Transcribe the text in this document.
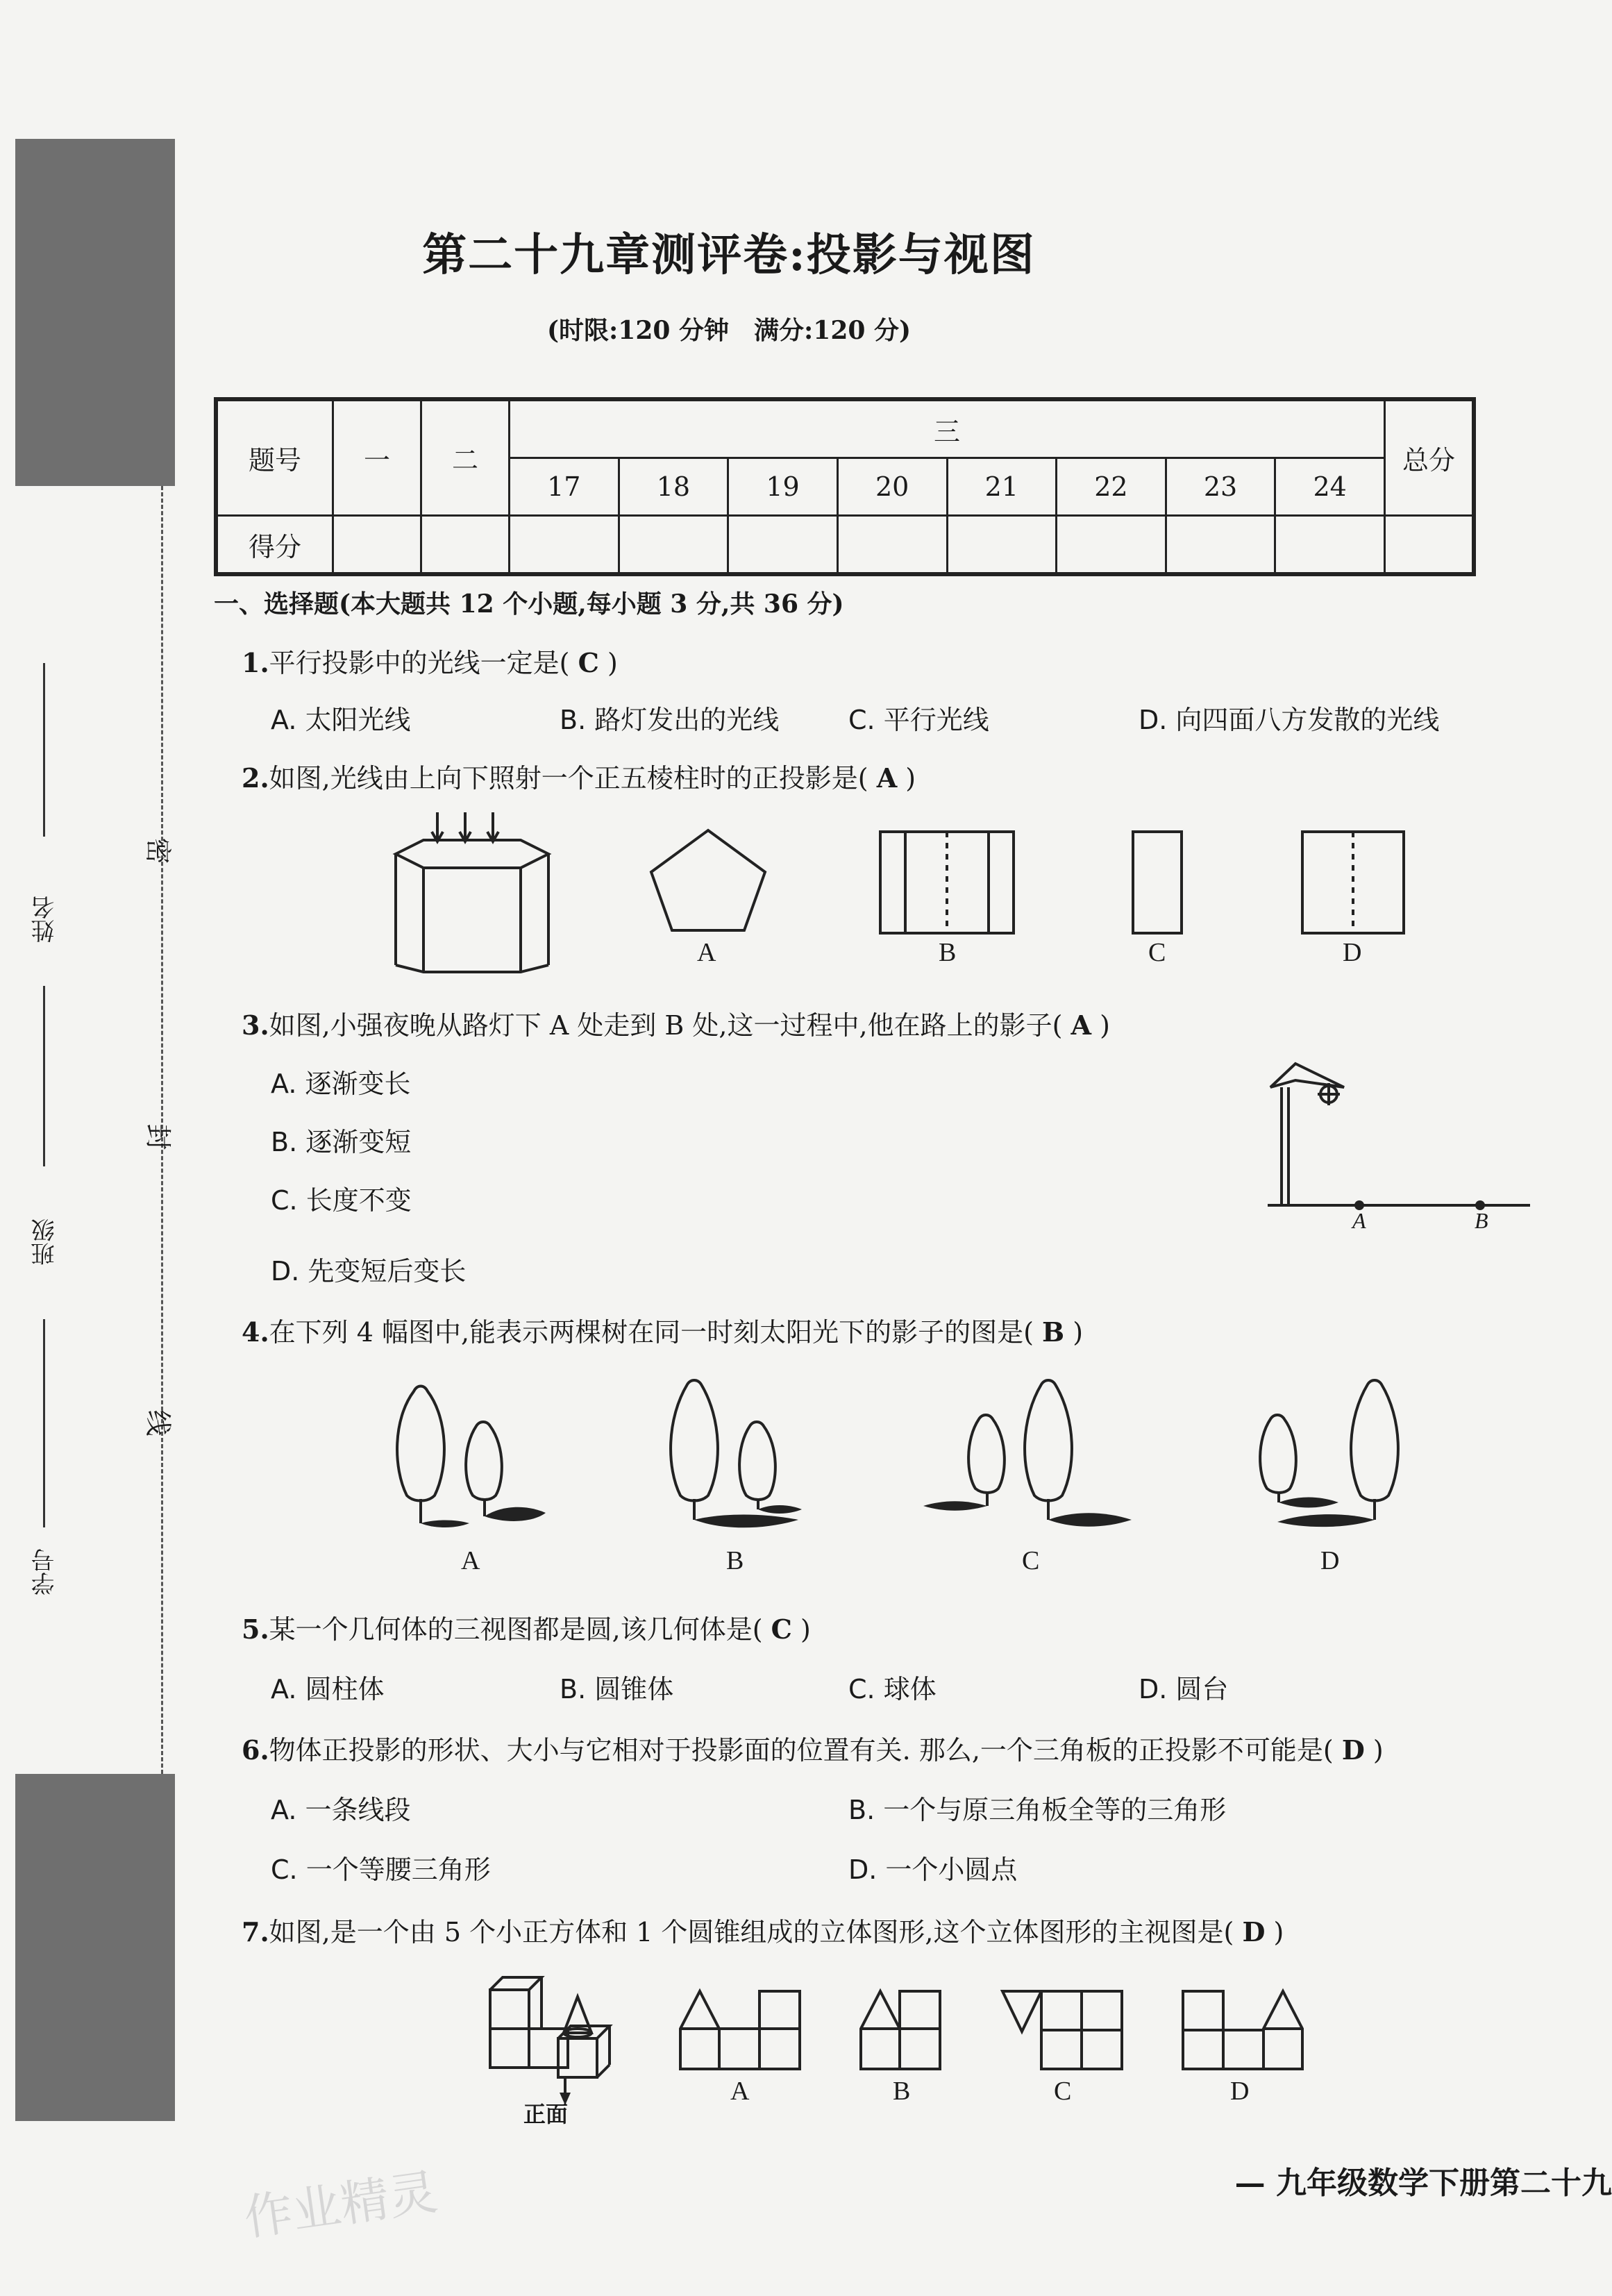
密
封
线
姓名
班级
学号
第二十九章测评卷:投影与视图
(时限:120 分钟　满分:120 分)
题号	一	二	三								总分
			17	18	19	20	21	22	23	24	
得分											
一、选择题(本大题共 12 个小题,每小题 3 分,共 36 分)
1.平行投影中的光线一定是( C )
A. 太阳光线	B. 路灯发出的光线	C. 平行光线	D. 向四面八方发散的光线
2.如图,光线由上向下照射一个正五棱柱时的正投影是( A )
A	B	C	D
3.如图,小强夜晚从路灯下 A 处走到 B 处,这一过程中,他在路上的影子( A )
A. 逐渐变长
B. 逐渐变短
C. 长度不变
D. 先变短后变长
A	B
4.在下列 4 幅图中,能表示两棵树在同一时刻太阳光下的影子的图是( B )
A	B	C	D
5.某一个几何体的三视图都是圆,该几何体是( C )
A. 圆柱体	B. 圆锥体	C. 球体	D. 圆台
6.物体正投影的形状、大小与它相对于投影面的位置有关. 那么,一个三角板的正投影不可能是( D )
A. 一条线段	B. 一个与原三角板全等的三角形
C. 一个等腰三角形	D. 一个小圆点
7.如图,是一个由 5 个小正方体和 1 个圆锥组成的立体图形,这个立体图形的主视图是( D )
正面
A	B	C	D
作业精灵	— 九年级数学下册第二十九
